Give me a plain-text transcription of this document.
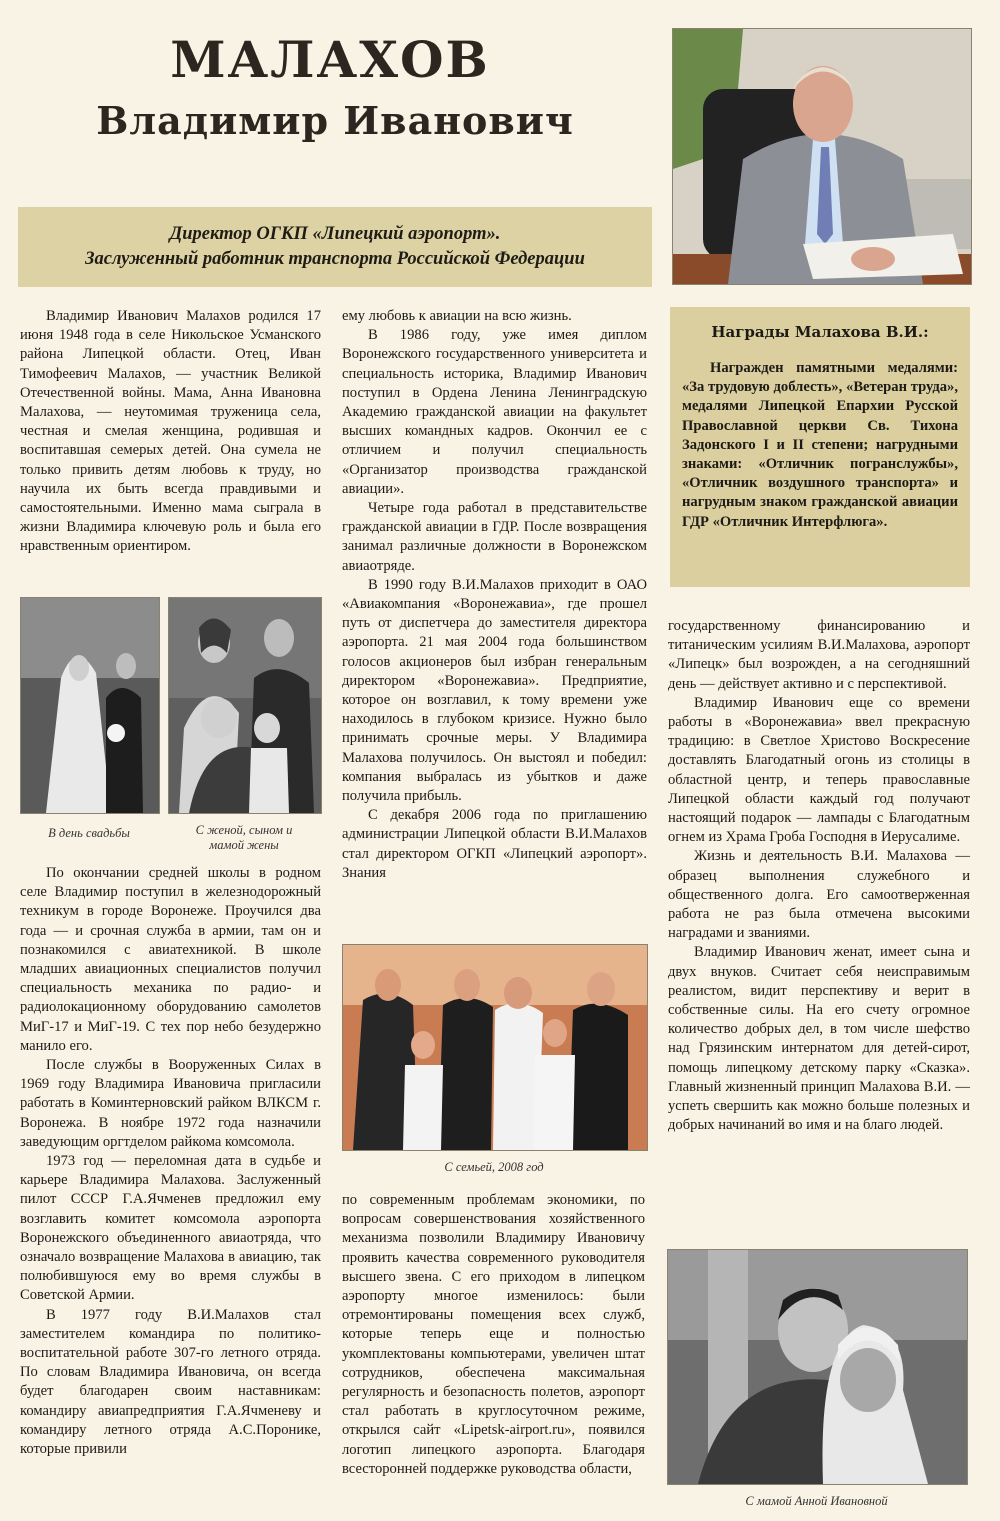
МАЛАХОВ
Владимир Иванович
Директор ОГКП «Липецкий аэропорт».
Заслуженный работник транспорта Российской Федерации
Награды Малахова В.И.:
Награжден памятными медалями: «За трудовую доблесть», «Ветеран труда», медалями Липецкой Епархии Русской Православной церкви Св. Тихона Задонского I и II степени; нагрудными знаками: «Отличник погранслужбы», «Отличник воздушного транспорта» и нагрудным знаком гражданской авиации ГДР «Отличник Интерфлюга».

Владимир Иванович Малахов родился 17 июня 1948 года в селе Никольское Усманского района Липецкой области. Отец, Иван Тимофеевич Малахов, — участник Великой Отечественной войны. Мама, Анна Ивановна Малахова, — неутомимая труженица села, честная и смелая женщина, родившая и воспитавшая семерых детей. Она сумела не только привить детям любовь к труду, но научила их быть всегда правдивыми и самостоятельными. Именно мама сыграла в жизни Владимира ключевую роль и была его нравственным ориентиром.

В день свадьбы	С женой, сыном и мамой жены

По окончании средней школы в родном селе Владимир поступил в железнодорожный техникум в городе Воронеже. Проучился два года — и срочная служба в армии, там он и познакомился с авиатехникой. В школе младших авиационных специалистов получил специальность механика по радио- и радиолокационному оборудованию самолетов МиГ-17 и МиГ-19. С тех пор небо безудержно манило его.

После службы в Вооруженных Силах в 1969 году Владимира Ивановича пригласили работать в Коминтерновский райком ВЛКСМ г. Воронежа. В ноябре 1972 года назначили заведующим оргтделом райкома комсомола.

1973 год — переломная дата в судьбе и карьере Владимира Малахова. Заслуженный пилот СССР Г.А.Ячменев предложил ему возглавить комитет комсомола аэропорта Воронежского объединенного авиаотряда, что означало возвращение Малахова в авиацию, так полюбившуюся ему во время службы в Советской Армии.

В 1977 году В.И.Малахов стал заместителем командира по политико-воспитательной работе 307-го летного отряда. По словам Владимира Ивановича, он всегда будет благодарен своим наставникам: командиру авиапредприятия Г.А.Ячменеву и командиру летного отряда А.С.Поронике, которые привили

ему любовь к авиации на всю жизнь.

В 1986 году, уже имея диплом Воронежского государственного университета и специальность историка, Владимир Иванович поступил в Ордена Ленина Ленинградскую Академию гражданской авиации на факультет высших командных кадров. Окончил ее с отличием и получил специальность «Организатор производства гражданской авиации».

Четыре года работал в представительстве гражданской авиации в ГДР. После возвращения занимал различные должности в Воронежском авиаотряде.

В 1990 году В.И.Малахов приходит в ОАО «Авиакомпания «Воронежавиа», где прошел путь от диспетчера до заместителя директора аэропорта. 21 мая 2004 года большинством голосов акционеров был избран генеральным директором «Воронежавиа». Предприятие, которое он возглавил, к тому времени уже находилось в глубоком кризисе. Нужно было принимать срочные меры. У Владимира Малахова получилось. Он выстоял и победил: компания выбралась из убытков и даже получила прибыль.

С декабря 2006 года по приглашению администрации Липецкой области В.И.Малахов стал директором ОГКП «Липецкий аэропорт». Знания

С семьей, 2008 год

по современным проблемам экономики, по вопросам совершенствования хозяйственного механизма позволили Владимиру Ивановичу проявить качества современного руководителя высшего звена. С его приходом в липецком аэропорту многое изменилось: были отремонтированы помещения всех служб, которые теперь еще и полностью укомплектованы компьютерами, увеличен штат сотрудников, обеспечена максимальная регулярность и безопасность полетов, аэропорт стал работать в круглосуточном режиме, открылся сайт «Lipetsk-airport.ru», появился логотип липецкого аэропорта. Благодаря всесторонней поддержке руководства области,

государственному финансированию и титаническим усилиям В.И.Малахова, аэропорт «Липецк» был возрожден, а на сегодняшний день — действует активно и с перспективой.

Владимир Иванович еще со времени работы в «Воронежавиа» ввел прекрасную традицию: в Светлое Христово Воскресение доставлять Благодатный огонь из столицы в областной центр, и теперь православные Липецкой области каждый год получают настоящий подарок — лампады с Благодатным огнем из Храма Гроба Господня в Иерусалиме.

Жизнь и деятельность В.И. Малахова — образец выполнения служебного и общественного долга. Его самоотверженная работа не раз была отмечена высокими наградами и званиями.

Владимир Иванович женат, имеет сына и двух внуков. Считает себя неисправимым реалистом, видит перспективу и верит в собственные силы. На его счету огромное количество добрых дел, в том числе шефство над Грязинским интернатом для детей-сирот, помощь липецкому детскому парку «Сказка». Главный жизненный принцип Малахова В.И. — успеть свершить как можно больше полезных и добрых начинаний во имя и на благо людей.

С мамой Анной Ивановной
